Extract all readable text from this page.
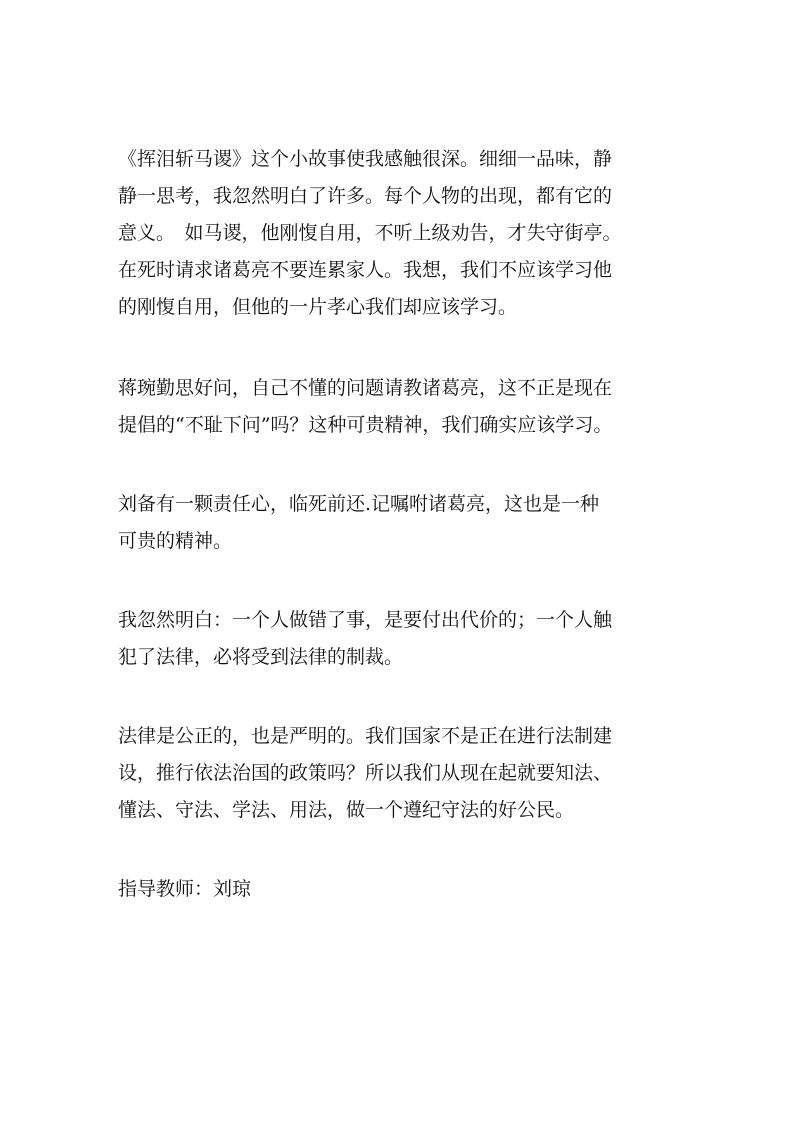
《挥泪斩马谡》这个小故事使我感触很深。细细一品味，静
静一思考，我忽然明白了许多。每个人物的出现，都有它的
意义。　如马谡，他刚愎自用，不听上级劝告，才失守街亭。
在死时请求诸葛亮不要连累家人。我想，我们不应该学习他
的刚愎自用，但他的一片孝心我们却应该学习。
蒋琬勤思好问，自己不懂的问题请教诸葛亮，这不正是现在
提倡的“不耻下问”吗？这种可贵精神，我们确实应该学习。
刘备有一颗责任心，临死前还.记嘱咐诸葛亮，这也是一种
可贵的精神。
我忽然明白：一个人做错了事，是要付出代价的；一个人触
犯了法律，必将受到法律的制裁。
法律是公正的，也是严明的。我们国家不是正在进行法制建
设，推行依法治国的政策吗？所以我们从现在起就要知法、
懂法、守法、学法、用法，做一个遵纪守法的好公民。
指导教师：刘琼
